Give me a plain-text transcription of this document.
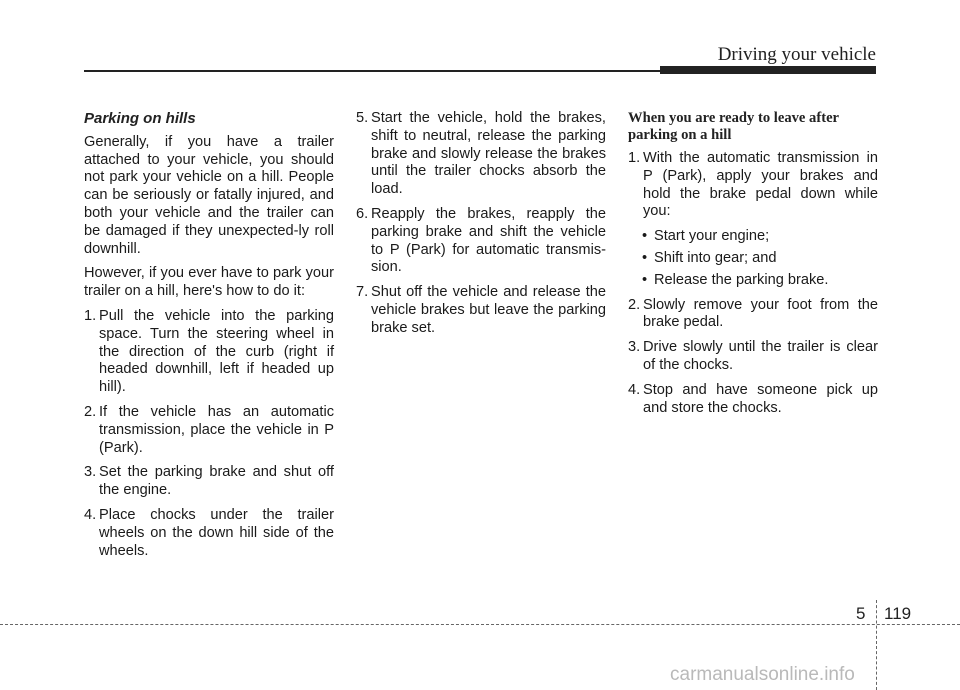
Driving your vehicle
Parking on hills

Generally, if you have a trailer attached to your vehicle, you should not park your vehicle on a hill. People can be seriously or fatally injured, and both your vehicle and the trailer can be damaged if they unexpected-ly roll downhill.

However, if you ever have to park your trailer on a hill, here's how to do it:

1. Pull the vehicle into the parking space. Turn the steering wheel in the direction of the curb (right if headed downhill, left if headed up hill).
2. If the vehicle has an automatic transmission, place the vehicle in P (Park).
3. Set the parking brake and shut off the engine.
4. Place chocks under the trailer wheels on the down hill side of the wheels.
5. Start the vehicle, hold the brakes, shift to neutral, release the parking brake and slowly release the brakes until the trailer chocks absorb the load.
6. Reapply the brakes, reapply the parking brake and shift the vehicle to P (Park) for automatic transmis-sion.
7. Shut off the vehicle and release the vehicle brakes but leave the parking brake set.
When you are ready to leave after parking on a hill
1. With the automatic transmission in P (Park), apply your brakes and hold the brake pedal down while you:
• Start your engine;
• Shift into gear; and
• Release the parking brake.
2. Slowly remove your foot from the brake pedal.
3. Drive slowly until the trailer is clear of the chocks.
4. Stop and have someone pick up and store the chocks.
5 119
carmanualsonline.info
